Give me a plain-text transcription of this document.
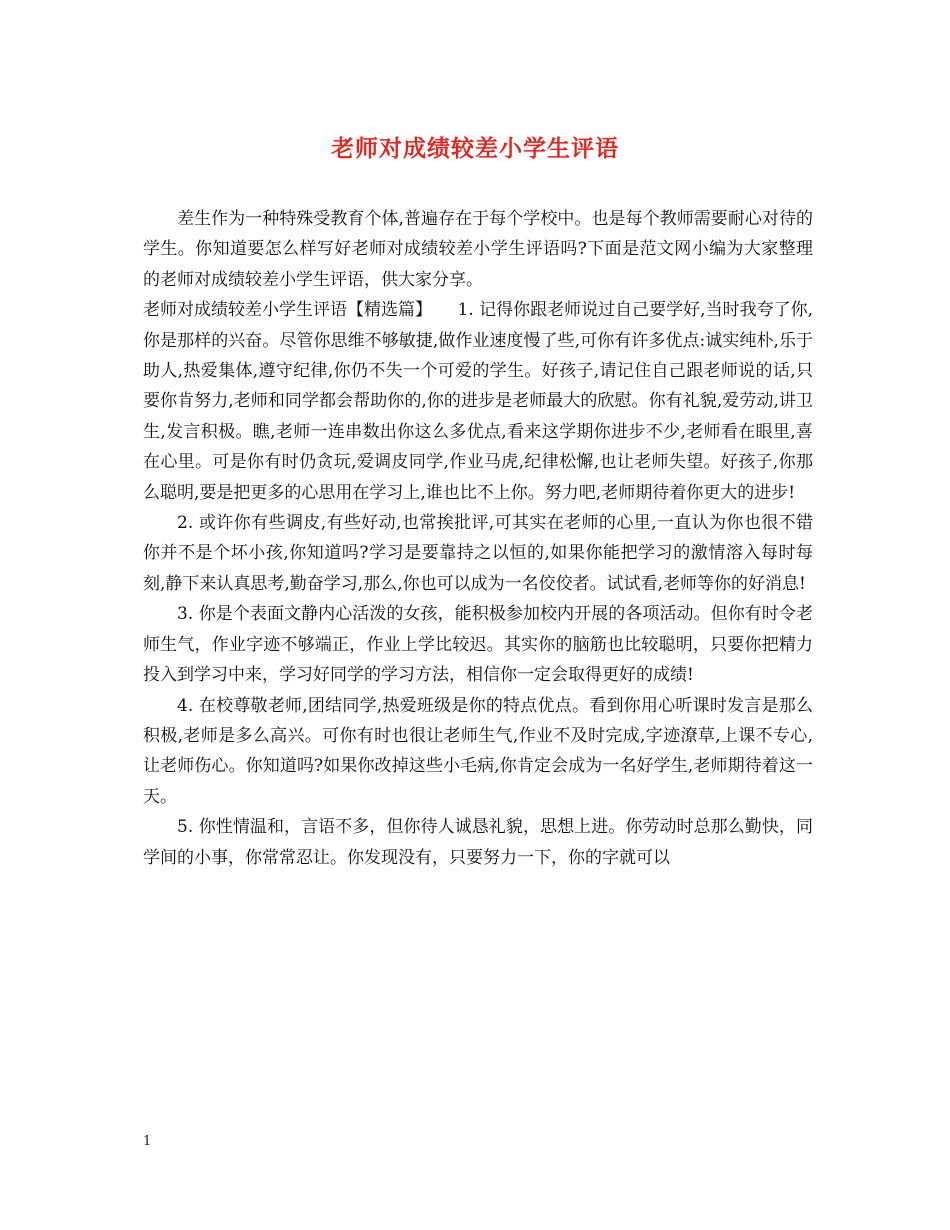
老师对成绩较差小学生评语

差生作为一种特殊受教育个体,普遍存在于每个学校中。也是每个教师需要耐心对待的学生。你知道要怎么样写好老师对成绩较差小学生评语吗?下面是范文网小编为大家整理的老师对成绩较差小学生评语，供大家分享。

老师对成绩较差小学生评语【精选篇】　　1. 记得你跟老师说过自己要学好,当时我夸了你,你是那样的兴奋。尽管你思维不够敏捷,做作业速度慢了些,可你有许多优点:诚实纯朴,乐于助人,热爱集体,遵守纪律,你仍不失一个可爱的学生。好孩子,请记住自己跟老师说的话,只要你肯努力,老师和同学都会帮助你的,你的进步是老师最大的欣慰。你有礼貌,爱劳动,讲卫生,发言积极。瞧,老师一连串数出你这么多优点,看来这学期你进步不少,老师看在眼里,喜在心里。可是你有时仍贪玩,爱调皮同学,作业马虎,纪律松懈,也让老师失望。好孩子,你那么聪明,要是把更多的心思用在学习上,谁也比不上你。努力吧,老师期待着你更大的进步!

2. 或许你有些调皮,有些好动,也常挨批评,可其实在老师的心里,一直认为你也很不错你并不是个坏小孩,你知道吗?学习是要靠持之以恒的,如果你能把学习的激情溶入每时每刻,静下来认真思考,勤奋学习,那么,你也可以成为一名佼佼者。试试看,老师等你的好消息!

3. 你是个表面文静内心活泼的女孩，能积极参加校内开展的各项活动。但你有时令老师生气，作业字迹不够端正，作业上学比较迟。其实你的脑筋也比较聪明，只要你把精力投入到学习中来，学习好同学的学习方法，相信你一定会取得更好的成绩!

4. 在校尊敬老师,团结同学,热爱班级是你的特点优点。看到你用心听课时发言是那么积极,老师是多么高兴。可你有时也很让老师生气,作业不及时完成,字迹潦草,上课不专心,让老师伤心。你知道吗?如果你改掉这些小毛病,你肯定会成为一名好学生,老师期待着这一天。

5. 你性情温和，言语不多，但你待人诚恳礼貌，思想上进。你劳动时总那么勤快，同学间的小事，你常常忍让。你发现没有，只要努力一下，你的字就可以

1
